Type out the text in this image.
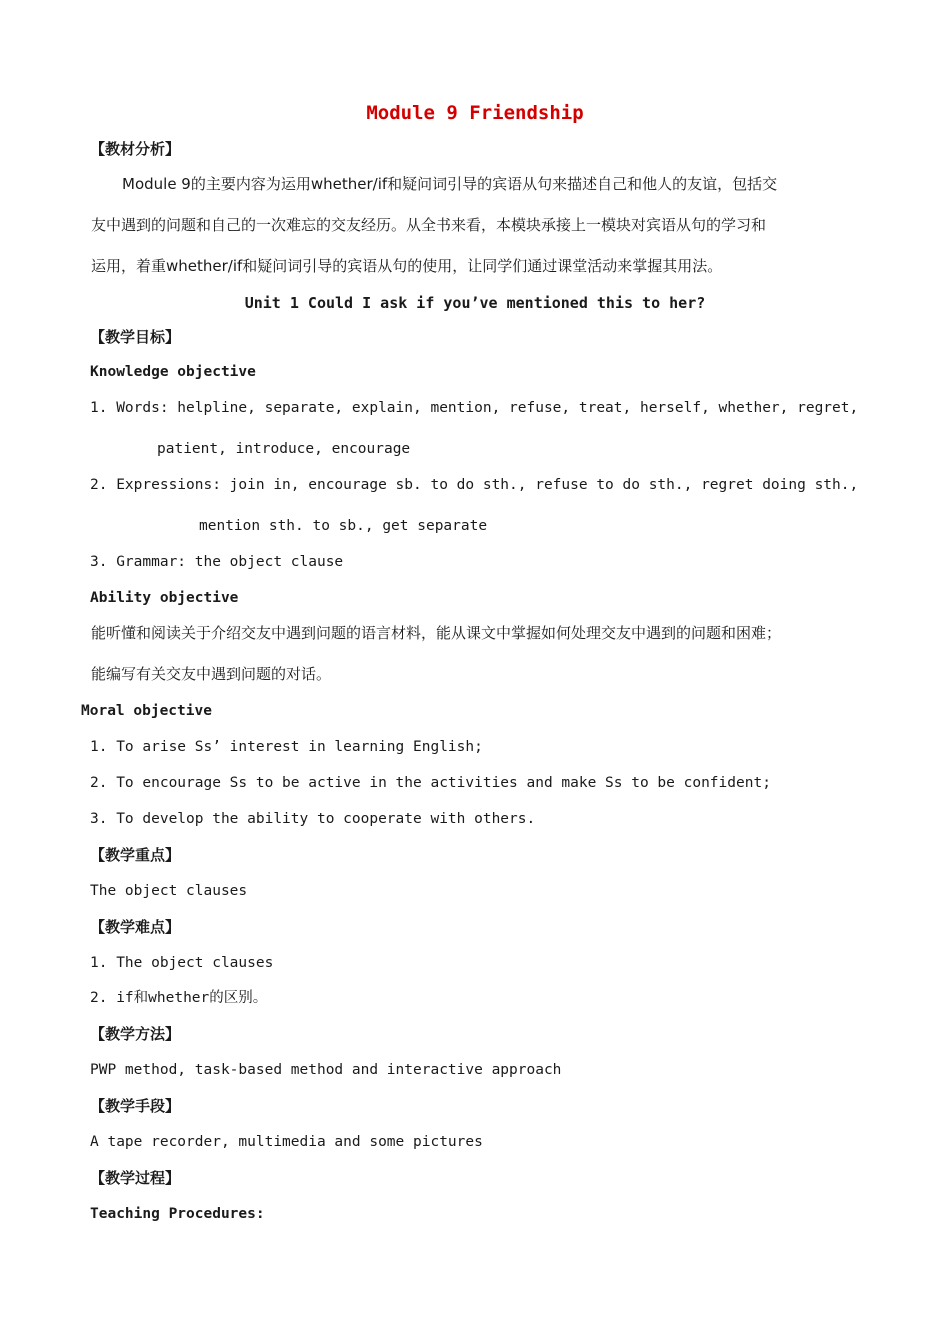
Module 9 Friendship
【教材分析】
Module 9的主要内容为运用whether/if和疑问词引导的宾语从句来描述自己和他人的友谊，包括交
友中遇到的问题和自己的一次难忘的交友经历。从全书来看，本模块承接上一模块对宾语从句的学习和
运用，着重whether/if和疑问词引导的宾语从句的使用，让同学们通过课堂活动来掌握其用法。
Unit 1 Could I ask if you’ve mentioned this to her?
【教学目标】
Knowledge objective
1. Words: helpline, separate, explain, mention, refuse, treat, herself, whether, regret,
patient, introduce, encourage
2. Expressions: join in, encourage sb. to do sth., refuse to do sth., regret doing sth.,
mention sth. to sb., get separate
3. Grammar: the object clause
Ability objective
能听懂和阅读关于介绍交友中遇到问题的语言材料，能从课文中掌握如何处理交友中遇到的问题和困难；
能编写有关交友中遇到问题的对话。
Moral objective
1. To arise Ss’ interest in learning English;
2. To encourage Ss to be active in the activities and make Ss to be confident;
3. To develop the ability to cooperate with others.
【教学重点】
The object clauses
【教学难点】
1. The object clauses
2. if和whether的区别。
【教学方法】
PWP method, task-based method and interactive approach
【教学手段】
A tape recorder, multimedia and some pictures
【教学过程】
Teaching Procedures:
